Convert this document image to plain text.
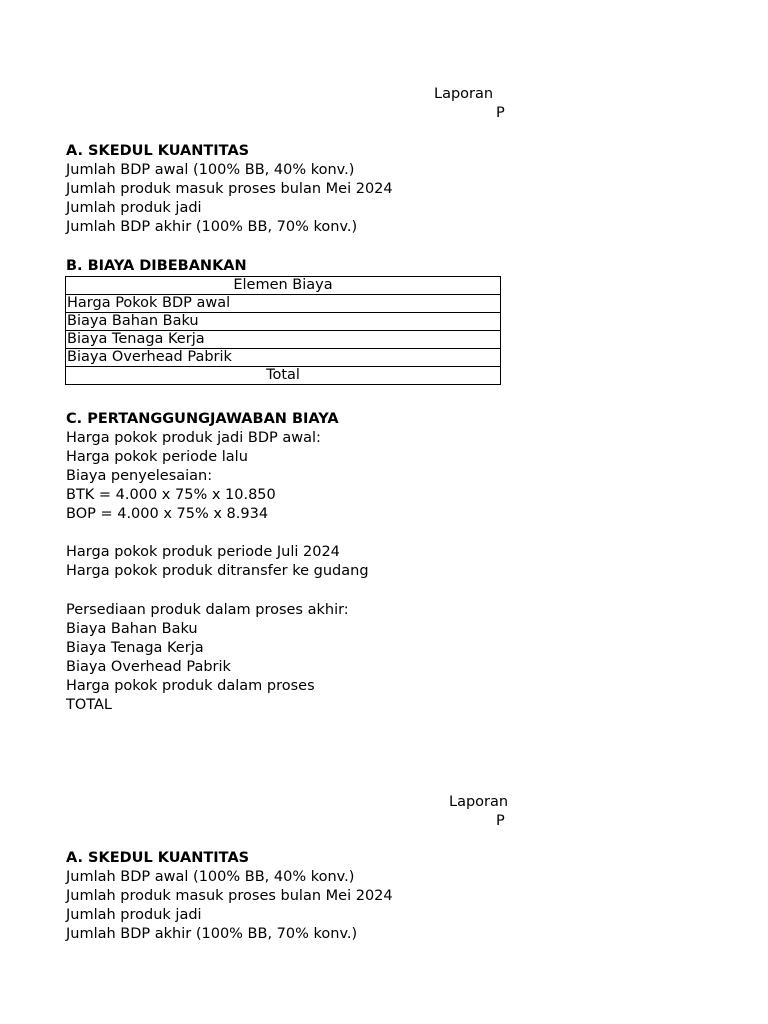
Laporan
P
A. SKEDUL KUANTITAS
Jumlah BDP awal (100% BB, 40% konv.)
Jumlah produk masuk proses bulan Mei 2024
Jumlah produk jadi
Jumlah BDP akhir (100% BB, 70% konv.)
B. BIAYA DIBEBANKAN
Elemen Biaya
Harga Pokok BDP awal
Biaya Bahan Baku
Biaya Tenaga Kerja
Biaya Overhead Pabrik
Total
C. PERTANGGUNGJAWABAN BIAYA
Harga pokok produk jadi BDP awal:
Harga pokok periode lalu
Biaya penyelesaian:
BTK = 4.000 x 75% x 10.850
BOP = 4.000 x 75% x 8.934
Harga pokok produk periode Juli 2024
Harga pokok produk ditransfer ke gudang
Persediaan produk dalam proses akhir:
Biaya Bahan Baku
Biaya Tenaga Kerja
Biaya Overhead Pabrik
Harga pokok produk dalam proses
TOTAL
Laporan
P
A. SKEDUL KUANTITAS
Jumlah BDP awal (100% BB, 40% konv.)
Jumlah produk masuk proses bulan Mei 2024
Jumlah produk jadi
Jumlah BDP akhir (100% BB, 70% konv.)
